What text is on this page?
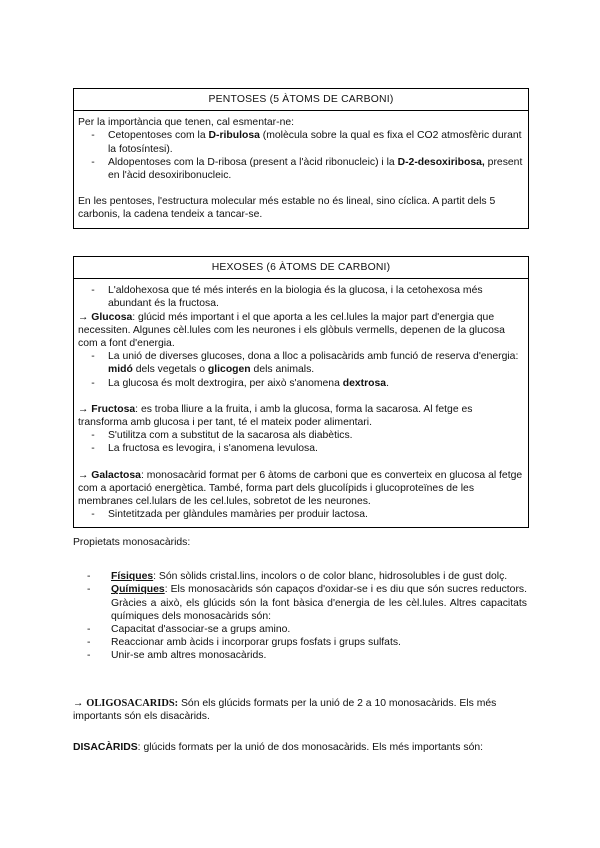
PENTOSES (5 ÀTOMS DE CARBONI)

Per la importància que tenen, cal esmentar-ne:

-	Cetopentoses com la D-ribulosa (molècula sobre la qual es fixa el CO2 atmosfèric durant la fotosíntesi).
-	Aldopentoses com la D-ribosa (present a l'àcid ribonucleic) i la D-2-desoxiribosa, present en l'àcid desoxiribonucleic.

En les pentoses, l'estructura molecular més estable no és lineal, sino cíclica. A partit dels 5 carbonis, la cadena tendeix a tancar-se.

HEXOSES (6 ÀTOMS DE CARBONI)
-	L'aldohexosa que té més interés en la biologia és la glucosa, i la cetohexosa més abundant és la fructosa.

→ Glucosa: glúcid més important i el que aporta a les cel.lules la major part d'energia que necessiten. Algunes cèl.lules com les neurones i els glòbuls vermells, depenen de la glucosa com a font d'energia.

-	La unió de diverses glucoses, dona a lloc a polisacàrids amb funció de reserva d'energia: midó dels vegetals o glicogen dels animals.
-	La glucosa és molt dextrogira, per això s'anomena dextrosa.

→ Fructosa: es troba lliure a la fruita, i amb la glucosa, forma la sacarosa. Al fetge es transforma amb glucosa i per tant, té el mateix poder alimentari.

-	S'utilitza com a substitut de la sacarosa als diabètics.
-	La fructosa es levogira, i s'anomena levulosa.

→ Galactosa: monosacàrid format per 6 àtoms de carboni que es converteix en glucosa al fetge com a aportació energètica. També, forma part dels glucolípids i glucoproteïnes de les membranes cel.lulars de les cel.lules, sobretot de les neurones.

-	Sintetitzada per glàndules mamàries per produir lactosa.

Propietats monosacàrids:

-	Físiques: Són sòlids cristal.lins, incolors o de color blanc, hidrosolubles i de gust dolç.
-	Químiques: Els monosacàrids són capaços d'oxidar-se i es diu que són sucres reductors. Gràcies a això, els glúcids són la font bàsica d'energia de les cèl.lules. Altres capacitats químiques dels monosacàrids són:
-	Capacitat d'associar-se a grups amino.
-	Reaccionar amb àcids i incorporar grups fosfats i grups sulfats.
-	Unir-se amb altres monosacàrids.

→ OLIGOSACARIDS: Són els glúcids formats per la unió de 2 a 10 monosacàrids. Els més importants són els disacàrids.

DISACÀRIDS: glúcids formats per la unió de dos monosacàrids. Els més importants són:
